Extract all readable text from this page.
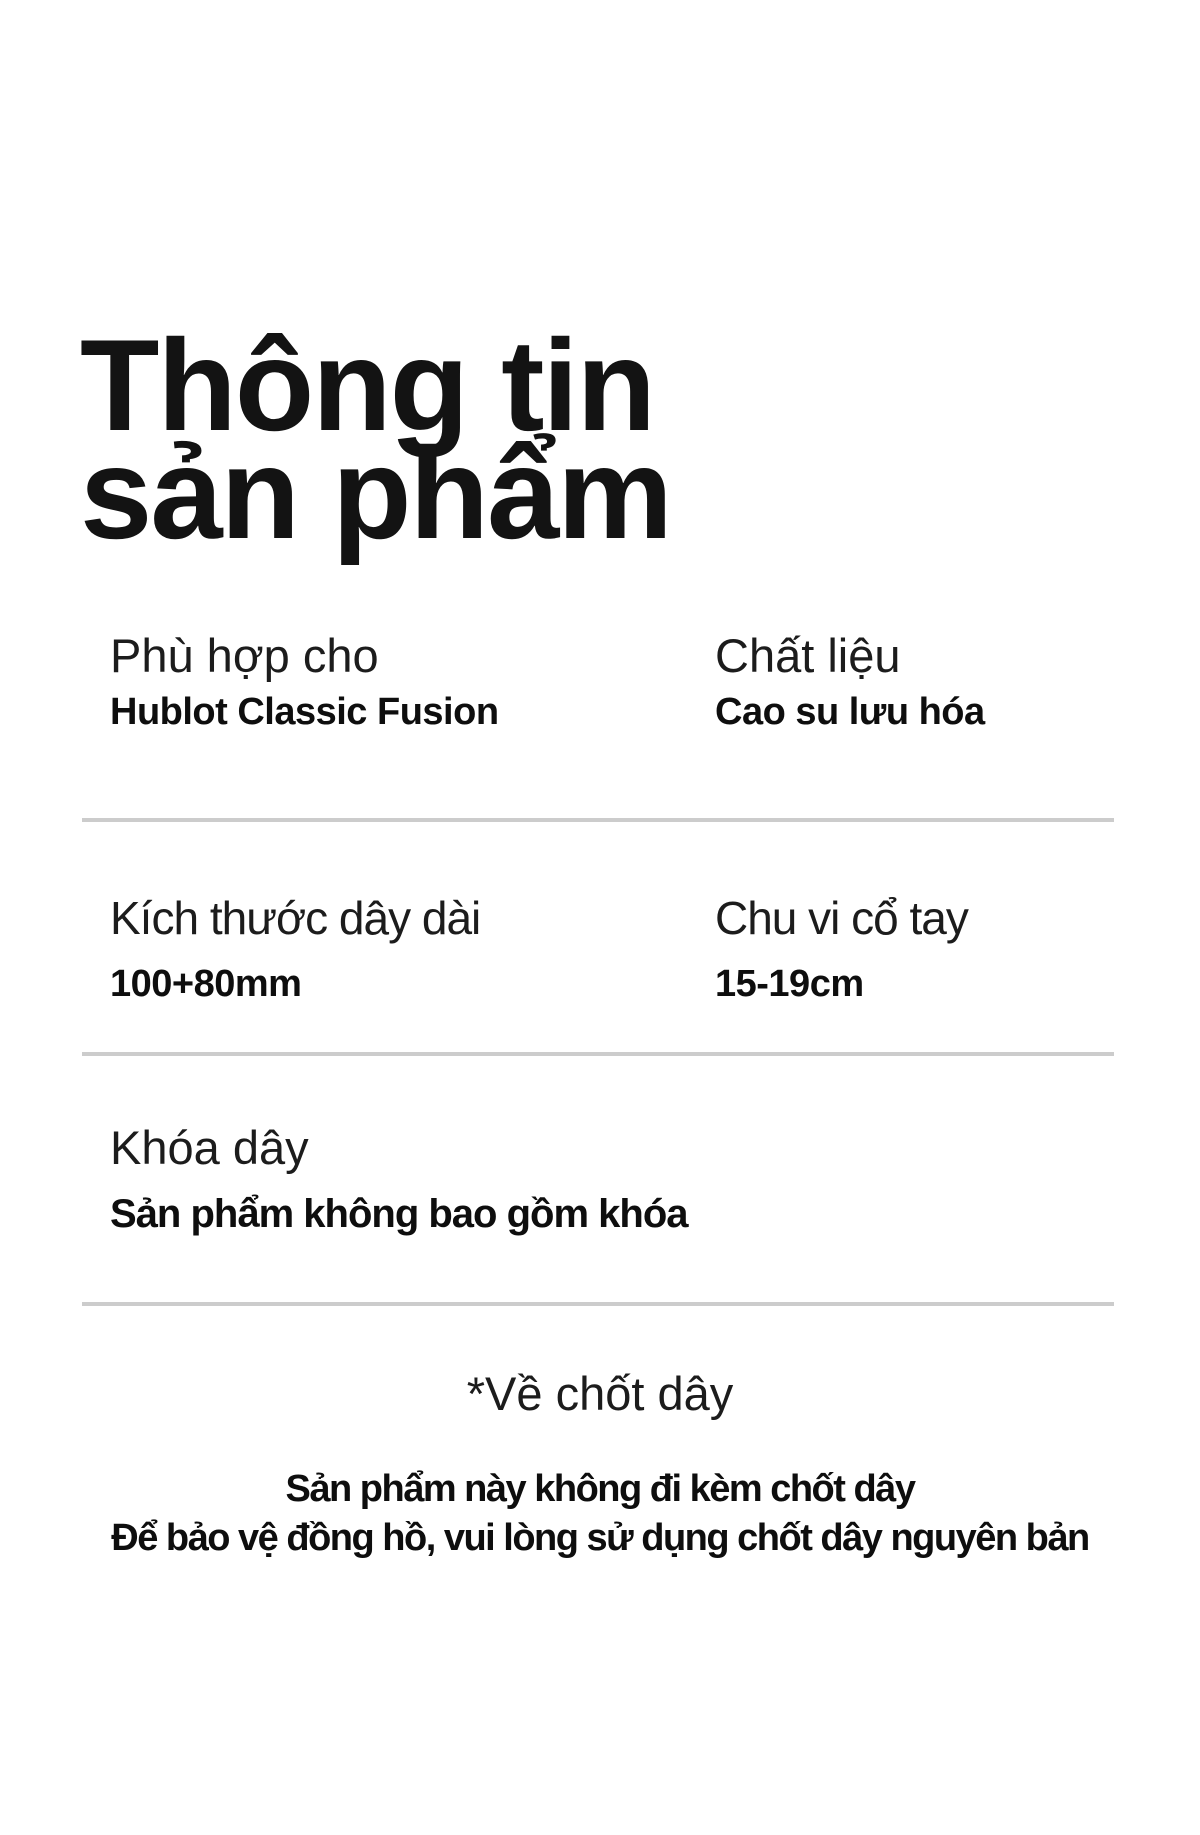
Thông tin
sản phẩm
Phù hợp cho
Hublot Classic Fusion
Chất liệu
Cao su lưu hóa
Kích thước dây dài
100+80mm
Chu vi cổ tay
15-19cm
Khóa dây
Sản phẩm không bao gồm khóa
*Về chốt dây
Sản phẩm này không đi kèm chốt dây
Để bảo vệ đồng hồ, vui lòng sử dụng chốt dây nguyên bản
